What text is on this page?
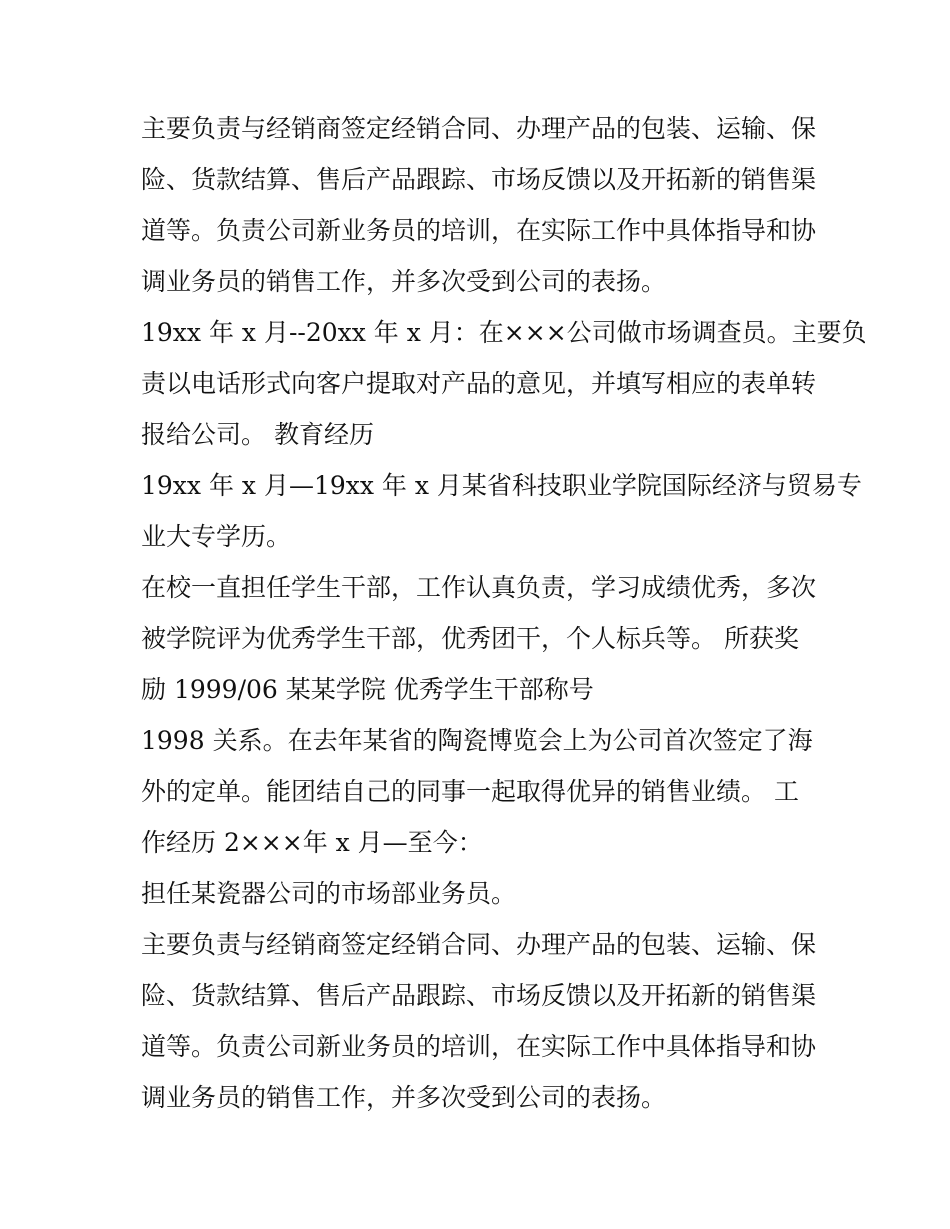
主要负责与经销商签定经销合同、办理产品的包装、运输、保
险、货款结算、售后产品跟踪、市场反馈以及开拓新的销售渠
道等。负责公司新业务员的培训，在实际工作中具体指导和协
调业务员的销售工作，并多次受到公司的表扬。
19xx 年 x 月--20xx 年 x 月：在×××公司做市场调查员。主要负
责以电话形式向客户提取对产品的意见，并填写相应的表单转
报给公司。 教育经历
19xx 年 x 月—19xx 年 x 月某省科技职业学院国际经济与贸易专
业大专学历。
在校一直担任学生干部，工作认真负责，学习成绩优秀，多次
被学院评为优秀学生干部，优秀团干，个人标兵等。 所获奖
励 1999/06 某某学院 优秀学生干部称号
1998 关系。在去年某省的陶瓷博览会上为公司首次签定了海
外的定单。能团结自己的同事一起取得优异的销售业绩。 工
作经历 2×××年 x 月—至今：
担任某瓷器公司的市场部业务员。
主要负责与经销商签定经销合同、办理产品的包装、运输、保
险、货款结算、售后产品跟踪、市场反馈以及开拓新的销售渠
道等。负责公司新业务员的培训，在实际工作中具体指导和协
调业务员的销售工作，并多次受到公司的表扬。
